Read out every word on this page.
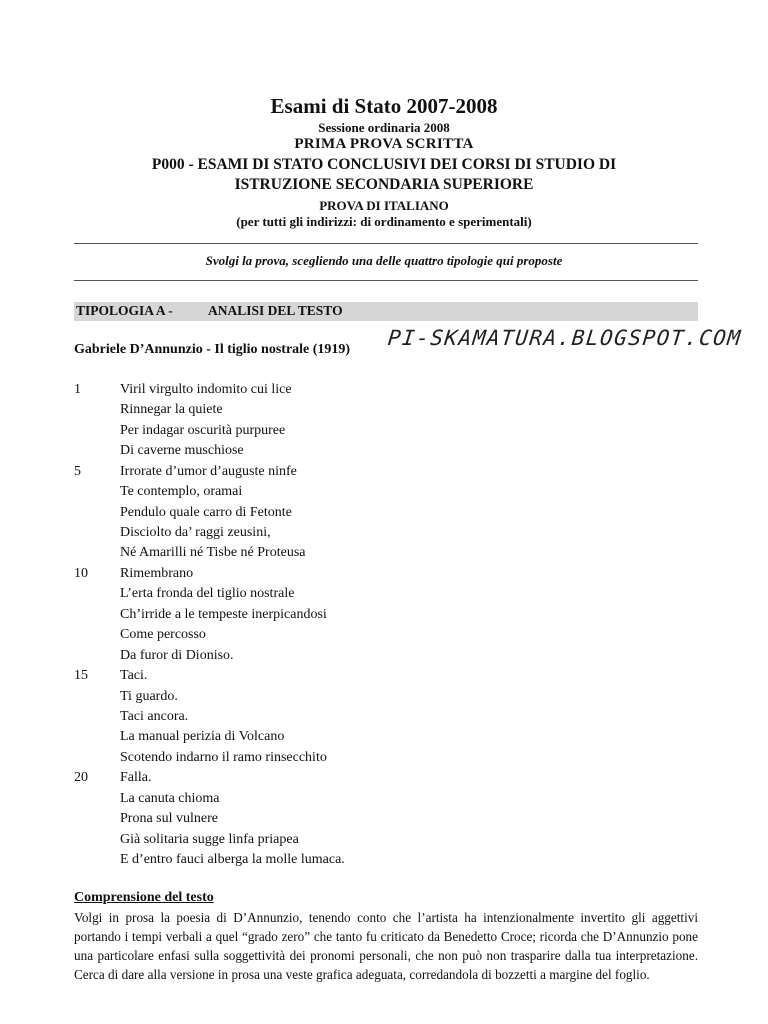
Esami di Stato 2007-2008
Sessione ordinaria 2008
PRIMA PROVA SCRITTA
P000 - ESAMI DI STATO CONCLUSIVI DEI CORSI DI STUDIO DI
ISTRUZIONE SECONDARIA SUPERIORE
PROVA DI ITALIANO
(per tutti gli indirizzi: di ordinamento e sperimentali)
Svolgi la prova, scegliendo una delle quattro tipologie qui proposte
TIPOLOGIA A -	ANALISI DEL TESTO
PI-SKAMATURA.BLOGSPOT.COM
Gabriele D’Annunzio - Il tiglio nostrale (1919)
1
5
10
15
20
Viril virgulto indomito cui lice
Rinnegar la quiete
Per indagar oscurità purpuree
Di caverne muschiose
Irrorate d’umor d’auguste ninfe
Te contemplo, oramai
Pendulo quale carro di Fetonte
Disciolto da’ raggi zeusini,
Né Amarilli né Tisbe né Proteusa
Rimembrano
L’erta fronda del tiglio nostrale
Ch’irride a le tempeste inerpicandosi
Come percosso
Da furor di Dioniso.
Taci.
Ti guardo.
Taci ancora.
La manual perizia di Volcano
Scotendo indarno il ramo rinsecchito
Falla.
La canuta chioma
Prona sul vulnere
Già solitaria sugge linfa priapea
E d’entro fauci alberga la molle lumaca.
Comprensione del testo
Volgi in prosa la poesia di D’Annunzio, tenendo conto che l’artista ha intenzionalmente invertito gli aggettivi portando i tempi verbali a quel “grado zero” che tanto fu criticato da Benedetto Croce; ricorda che D’Annunzio pone una particolare enfasi sulla soggettività dei pronomi personali, che non può non trasparire dalla tua interpretazione. Cerca di dare alla versione in prosa una veste grafica adeguata, corredandola di bozzetti a margine del foglio.
